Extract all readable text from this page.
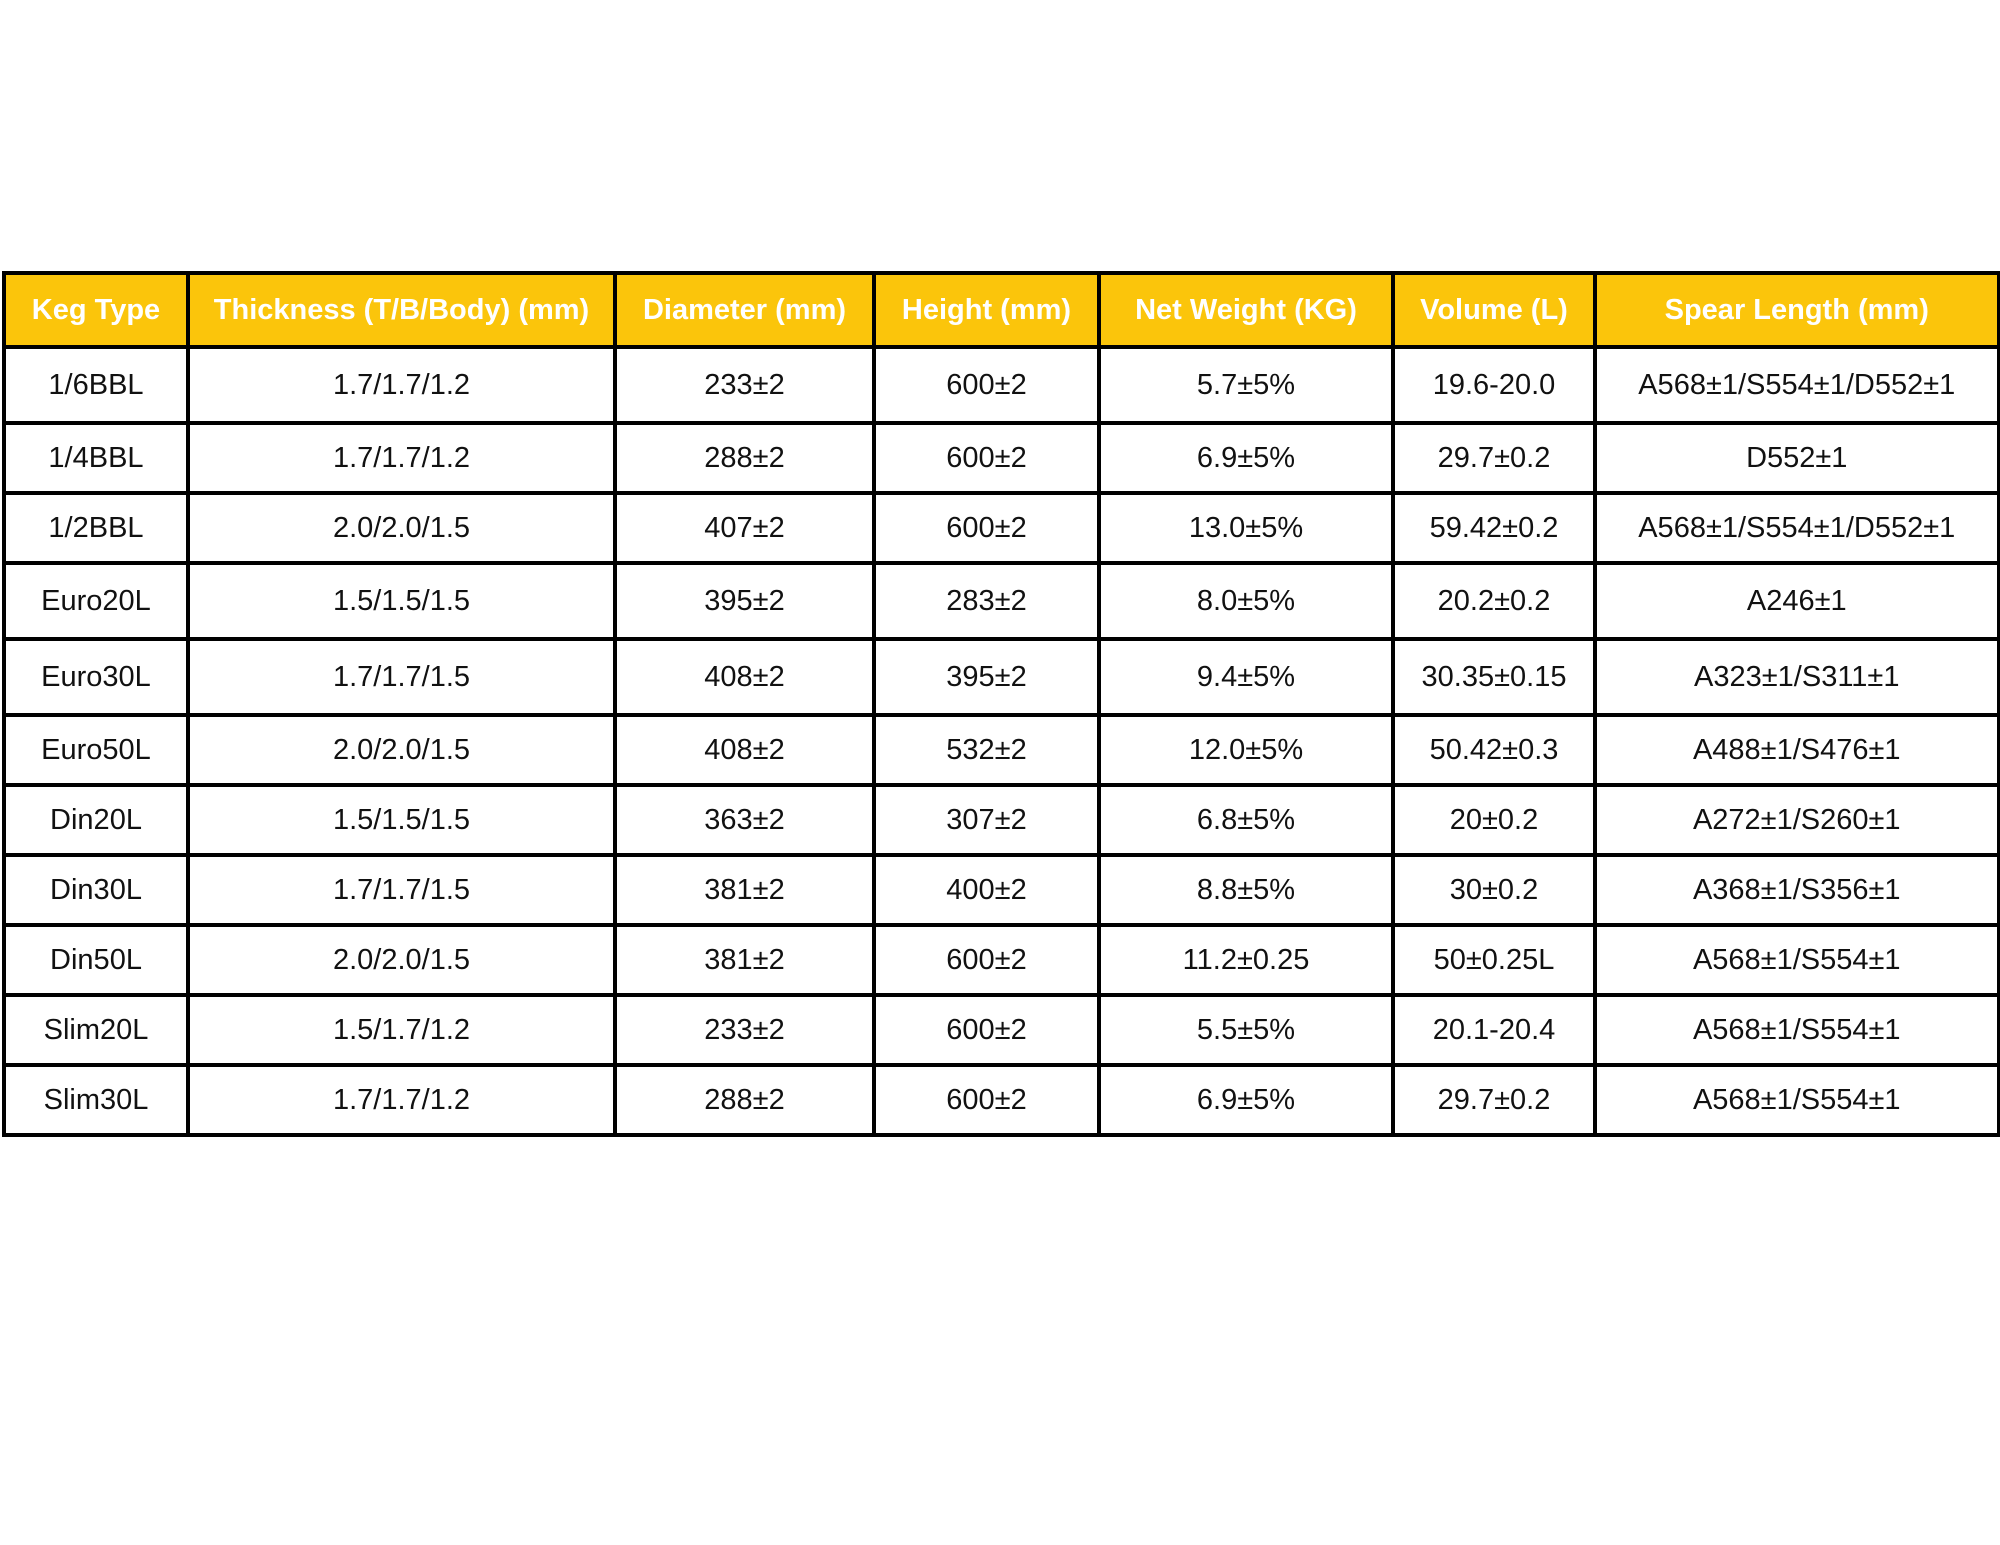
Keg Type	Thickness (T/B/Body) (mm)	Diameter (mm)	Height (mm)	Net Weight (KG)	Volume (L)	Spear Length (mm)
1/6BBL	1.7/1.7/1.2	233±2	600±2	5.7±5%	19.6-20.0	A568±1/S554±1/D552±1
1/4BBL	1.7/1.7/1.2	288±2	600±2	6.9±5%	29.7±0.2	D552±1
1/2BBL	2.0/2.0/1.5	407±2	600±2	13.0±5%	59.42±0.2	A568±1/S554±1/D552±1
Euro20L	1.5/1.5/1.5	395±2	283±2	8.0±5%	20.2±0.2	A246±1
Euro30L	1.7/1.7/1.5	408±2	395±2	9.4±5%	30.35±0.15	A323±1/S311±1
Euro50L	2.0/2.0/1.5	408±2	532±2	12.0±5%	50.42±0.3	A488±1/S476±1
Din20L	1.5/1.5/1.5	363±2	307±2	6.8±5%	20±0.2	A272±1/S260±1
Din30L	1.7/1.7/1.5	381±2	400±2	8.8±5%	30±0.2	A368±1/S356±1
Din50L	2.0/2.0/1.5	381±2	600±2	11.2±0.25	50±0.25L	A568±1/S554±1
Slim20L	1.5/1.7/1.2	233±2	600±2	5.5±5%	20.1-20.4	A568±1/S554±1
Slim30L	1.7/1.7/1.2	288±2	600±2	6.9±5%	29.7±0.2	A568±1/S554±1
